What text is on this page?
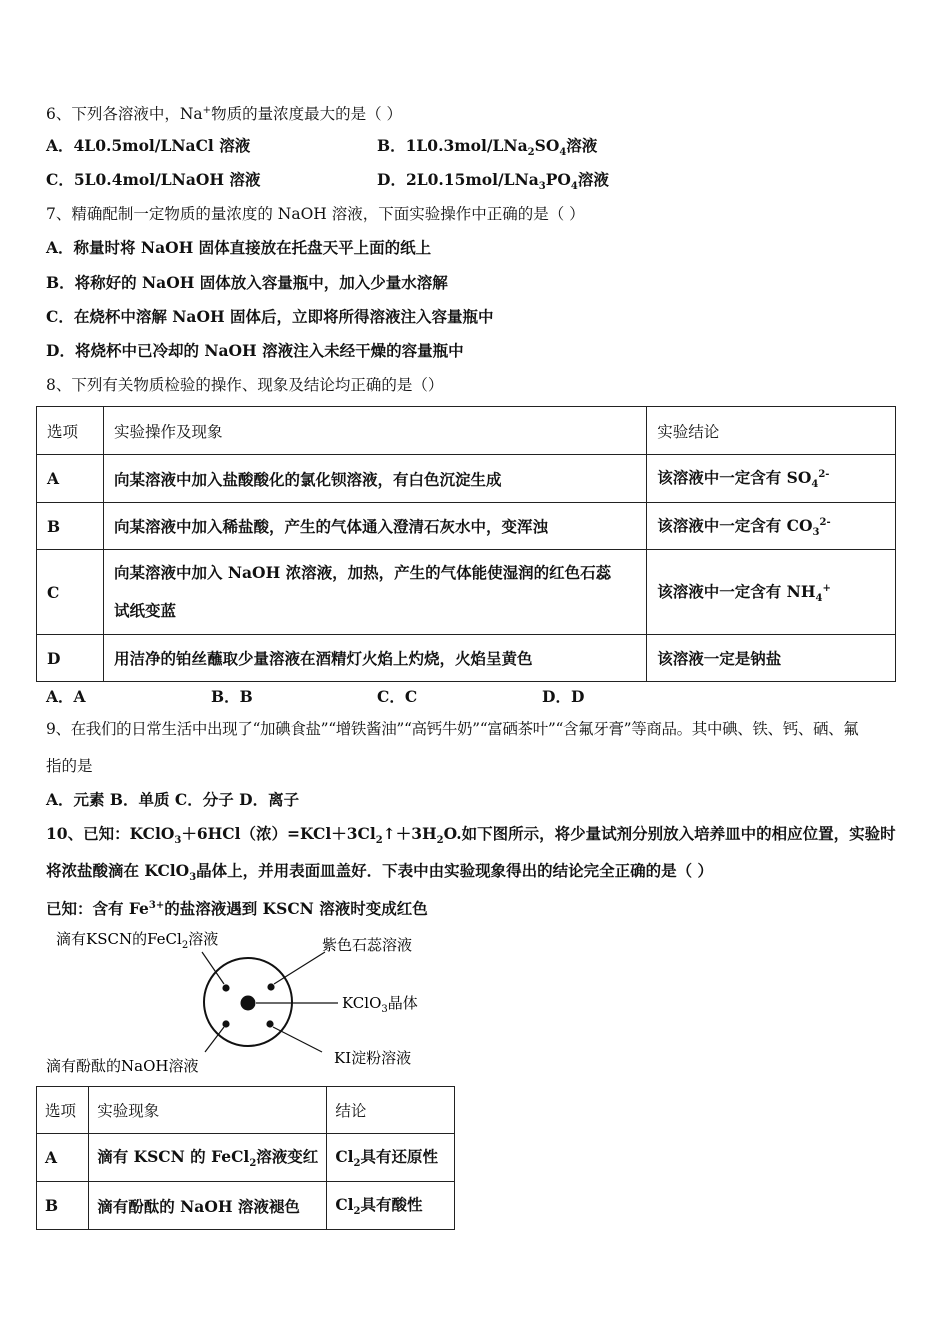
6、下列各溶液中，Na+物质的量浓度最大的是（ ）
A．4L0.5mol/LNaCl 溶液	B．$1L0.3mol/LNa_2SO_4$溶液
C．5L0.4mol/LNaOH 溶液	D．$2L0.15mol/LNa_3PO_4$溶液
7、精确配制一定物质的量浓度的 NaOH 溶液，下面实验操作中正确的是（ ）
A．称量时将 NaOH 固体直接放在托盘天平上面的纸上
B．将称好的 NaOH 固体放入容量瓶中，加入少量水溶解
C．在烧杯中溶解 NaOH 固体后，立即将所得溶液注入容量瓶中
D．将烧杯中已冷却的 NaOH 溶液注入未经干燥的容量瓶中
8、下列有关物质检验的操作、现象及结论均正确的是（）
选项	实验操作及现象	实验结论
A	向某溶液中加入盐酸酸化的氯化钡溶液，有白色沉淀生成	该溶液中一定含有 $SO_4^{2-}$
B	向某溶液中加入稀盐酸，产生的气体通入澄清石灰水中，变浑浊	该溶液中一定含有 $CO_3^{2-}$
C	向某溶液中加入 NaOH 浓溶液，加热，产生的气体能使湿润的红色石蕊
试纸变蓝	该溶液中一定含有 $NH_4^+$
D	用洁净的铂丝蘸取少量溶液在酒精灯火焰上灼烧，火焰呈黄色	该溶液一定是钠盐
A．A	B．B	C．C	D．D
9、在我们的日常生活中出现了“加碘食盐”“增铁酱油”“高钙牛奶”“富硒茶叶”“含氟牙膏”等商品。其中碘、铁、钙、硒、氟
指的是
A．元素 B．单质 C．分子 D．离子
10、已知：KClO$_3$＋6HCl（浓）$=KCl+3Cl_2↑+3H_2O$.如下图所示，将少量试剂分别放入培养皿中的相应位置，实验时
将浓盐酸滴在 KClO$_3$晶体上，并用表面皿盖好．下表中由实验现象得出的结论完全正确的是（ ）
已知：含有 $Fe^{3+}$的盐溶液遇到 KSCN 溶液时变成红色
滴有KSCN的FeCl$_2$溶液	紫色石蕊溶液
KClO$_3$晶体
滴有酚酞的NaOH溶液	KI淀粉溶液
选项	实验现象	结论
A	滴有 KSCN 的 FeCl$_2$溶液变红	$Cl_2$具有还原性
B	滴有酚酞的 NaOH 溶液褪色	$Cl_2$具有酸性
